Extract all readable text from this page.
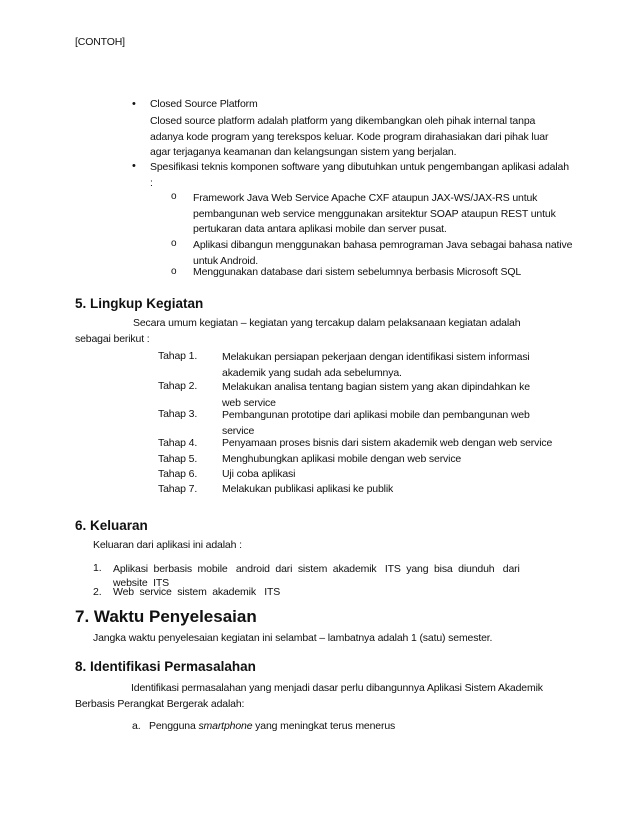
[CONTOH]
• Closed Source Platform
Closed source platform adalah platform yang dikembangkan oleh pihak internal tanpa adanya kode program yang terekspos keluar. Kode program dirahasiakan dari pihak luar agar terjaganya keamanan dan kelangsungan sistem yang berjalan.
• Spesifikasi teknis komponen software yang dibutuhkan untuk pengembangan aplikasi adalah :
o Framework Java Web Service Apache CXF ataupun JAX-WS/JAX-RS untuk pembangunan web service menggunakan arsitektur SOAP ataupun REST untuk pertukaran data antara aplikasi mobile dan server pusat.
o Aplikasi dibangun menggunakan bahasa pemrograman Java sebagai bahasa native untuk Android.
o Menggunakan database dari sistem sebelumnya berbasis Microsoft SQL
5. Lingkup Kegiatan
Secara umum kegiatan – kegiatan yang tercakup dalam pelaksanaan kegiatan adalah sebagai berikut :
Tahap 1. Melakukan persiapan pekerjaan dengan identifikasi sistem informasi akademik yang sudah ada sebelumnya.
Tahap 2. Melakukan analisa tentang bagian sistem yang akan dipindahkan ke web service
Tahap 3. Pembangunan prototipe dari aplikasi mobile dan pembangunan web service
Tahap 4. Penyamaan proses bisnis dari sistem akademik web dengan web service
Tahap 5. Menghubungkan aplikasi mobile dengan web service
Tahap 6. Uji coba aplikasi
Tahap 7. Melakukan publikasi aplikasi ke publik
6. Keluaran
Keluaran dari aplikasi ini adalah :
1. Aplikasi  berbasis  mobile   android  dari  sistem  akademik   ITS  yang  bisa  diunduh   dari website  ITS
2. Web  service  sistem  akademik   ITS
7. Waktu Penyelesaian
Jangka waktu penyelesaian kegiatan ini selambat – lambatnya adalah 1 (satu) semester.
8. Identifikasi Permasalahan
Identifikasi permasalahan yang menjadi dasar perlu dibangunnya Aplikasi Sistem Akademik Berbasis Perangkat Bergerak adalah:
a. Pengguna smartphone yang meningkat terus menerus
